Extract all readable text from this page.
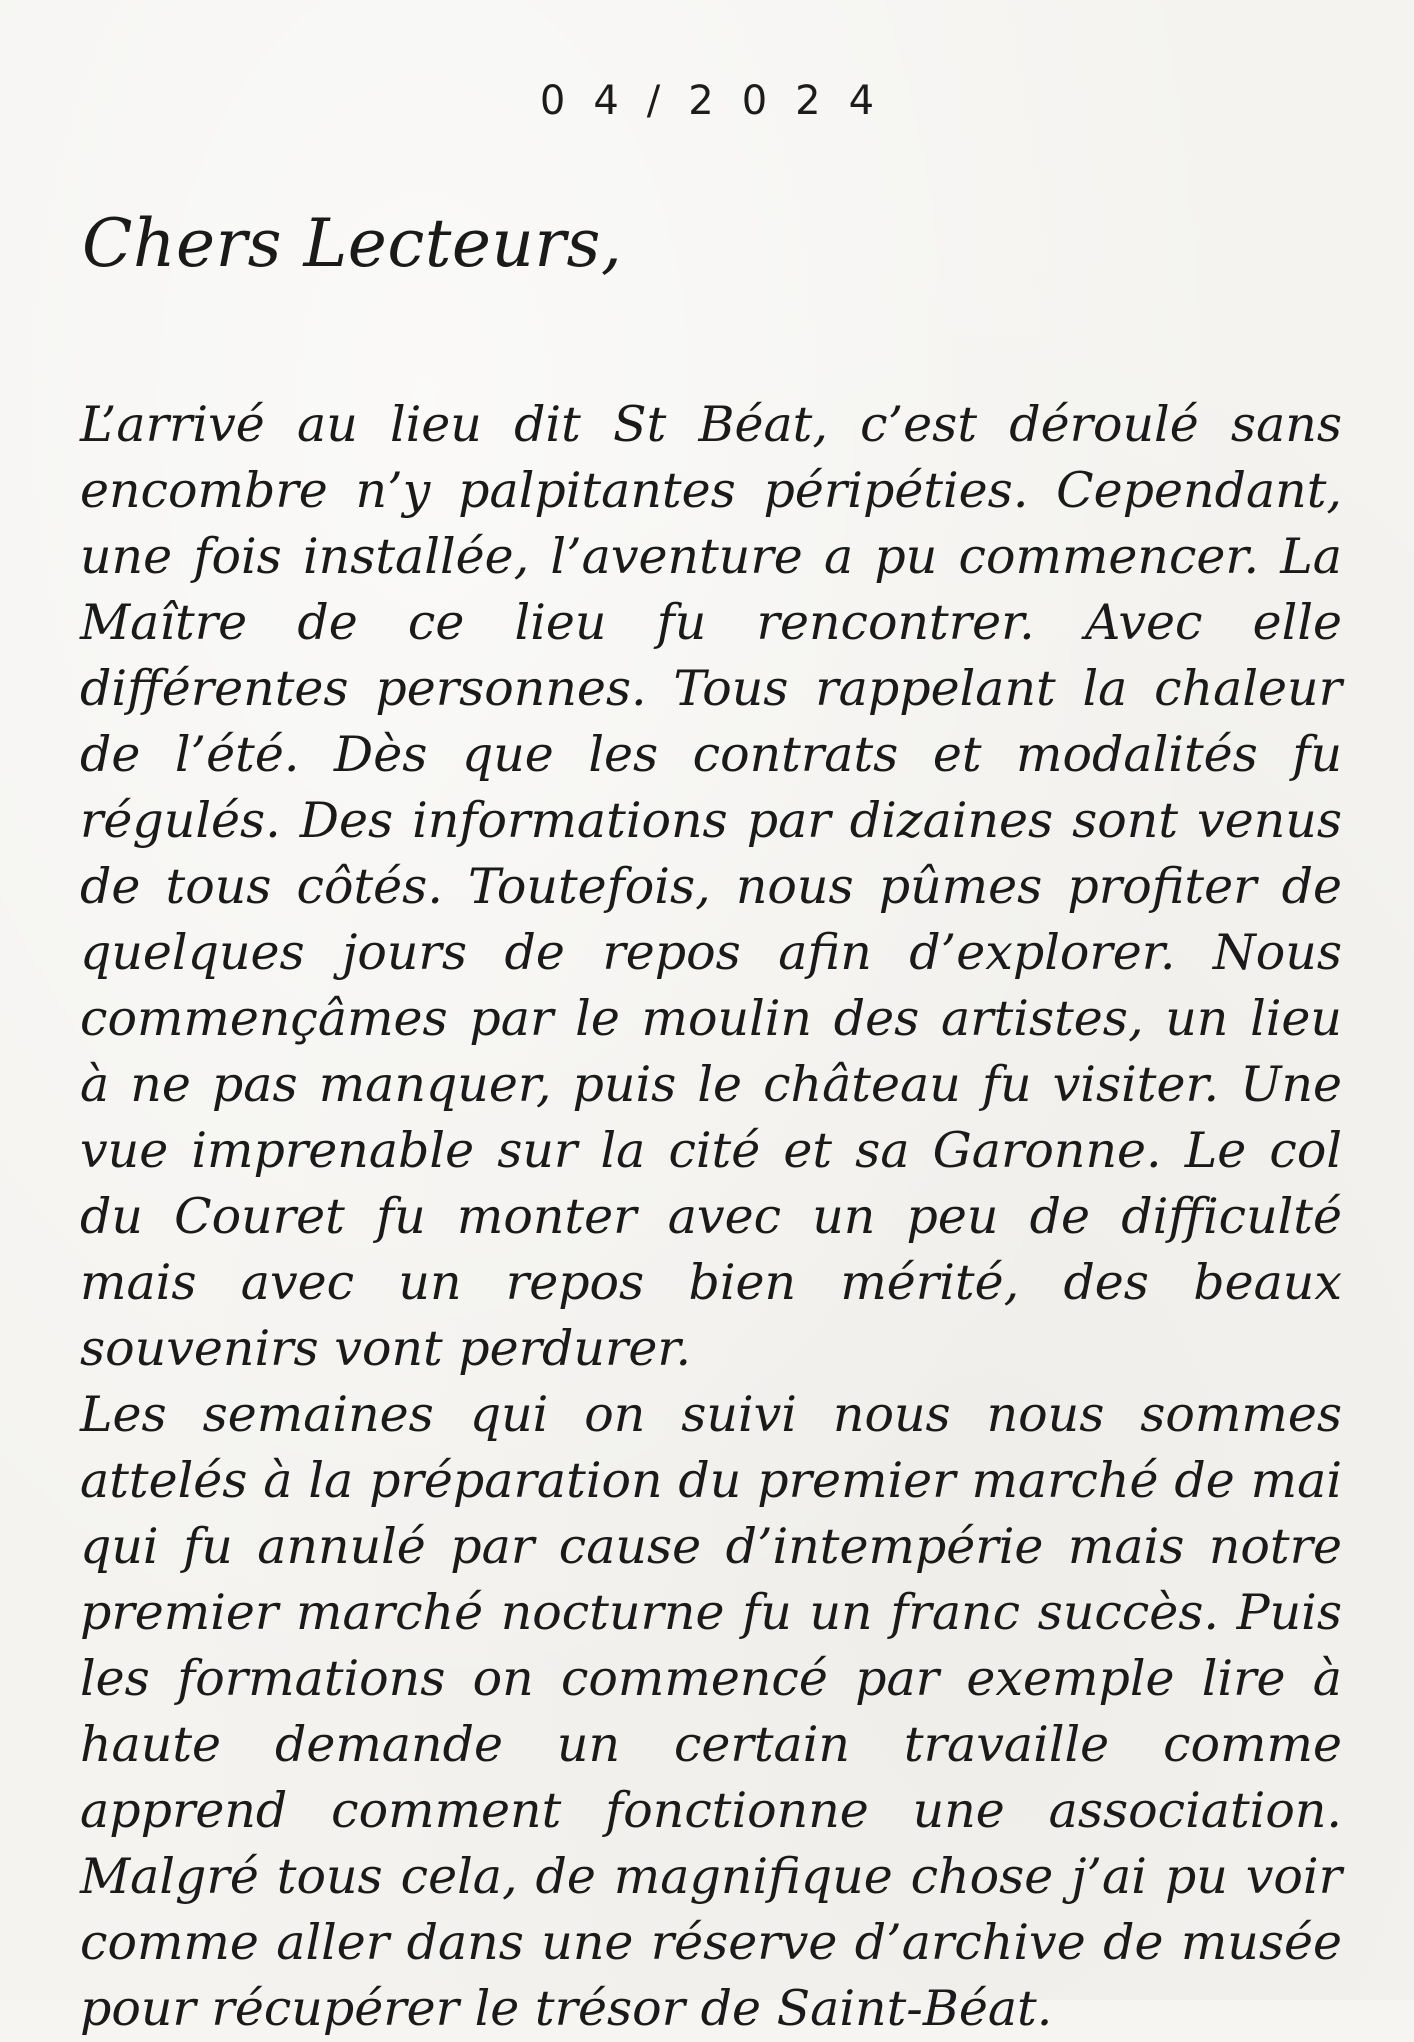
04/2024
Chers Lecteurs,

L’arrivé au lieu dit St Béat, c’est déroulé sans encombre n’y palpitantes péripéties. Cependant, une fois installée, l’aventure a pu commencer. La Maître de ce lieu fu rencontrer. Avec elle différentes personnes. Tous rappelant la chaleur de l’été. Dès que les contrats et modalités fu régulés. Des informations par dizaines sont venus de tous côtés. Toutefois, nous pûmes profiter de quelques jours de repos afin d’explorer. Nous commençâmes par le moulin des artistes, un lieu à ne pas manquer, puis le château fu visiter. Une vue imprenable sur la cité et sa Garonne. Le col du Couret fu monter avec un peu de difficulté mais avec un repos bien mérité, des beaux souvenirs vont perdurer.

Les semaines qui on suivi nous nous sommes attelés à la préparation du premier marché de mai qui fu annulé par cause d’intempérie mais notre premier marché nocturne fu un franc succès. Puis les formations on commencé par exemple lire à haute demande un certain travaille comme apprend comment fonctionne une association. Malgré tous cela, de magnifique chose j’ai pu voir comme aller dans une réserve d’archive de musée pour récupérer le trésor de Saint-Béat.
